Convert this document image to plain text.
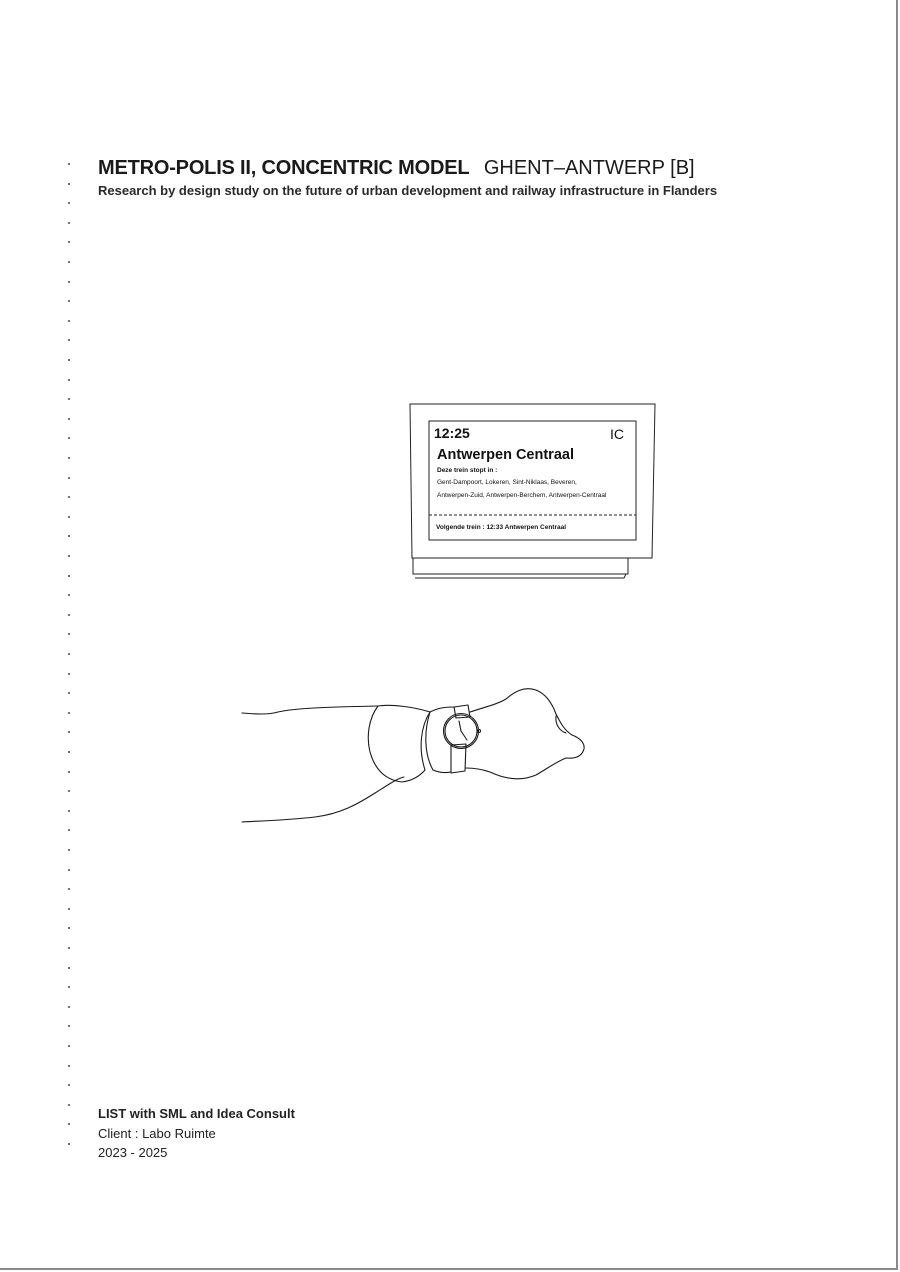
METRO-POLIS II, CONCENTRIC MODEL GHENT–ANTWERP [B]
Research by design study on the future of urban development and railway infrastructure in Flanders
12:25	IC
Antwerpen Centraal
Deze trein stopt in :
Gent-Dampoort, Lokeren, Sint-Niklaas, Beveren,
Antwerpen-Zuid, Antwerpen-Berchem, Antwerpen-Centraal
Volgende trein : 12:33 Antwerpen Centraal
LIST with SML and Idea Consult
Client : Labo Ruimte
2023 - 2025
